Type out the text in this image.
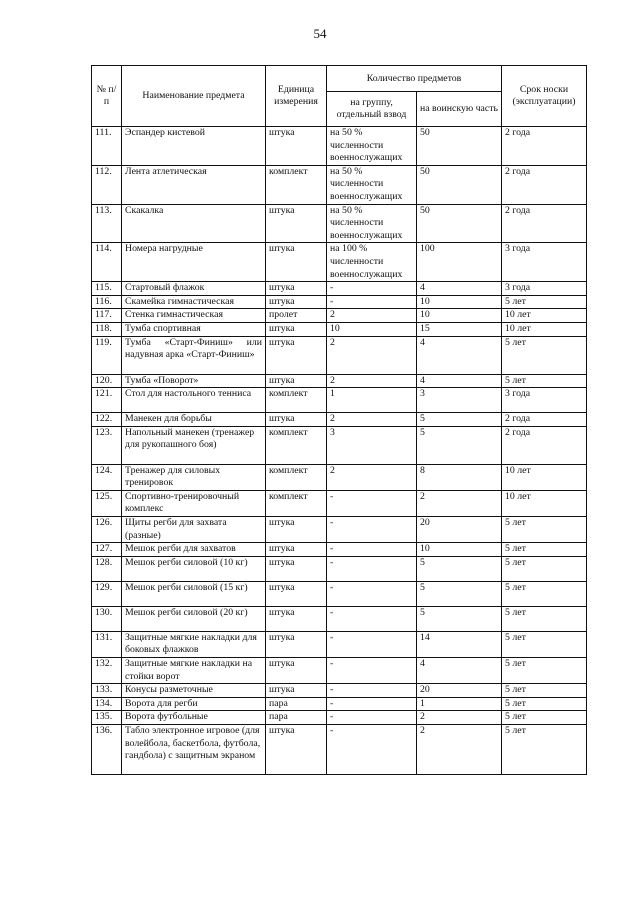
54
№ п/п	Наименование предмета	Единица измерения	Количество предметов		Срок носки (эксплуатации)
			на группу, отдельный взвод	на воинскую часть	
111.	Эспандер кистевой	штука	на 50 % численности военнослужащих	50	2 года
112.	Лента атлетическая	комплект	на 50 % численности военнослужащих	50	2 года
113.	Скакалка	штука	на 50 % численности военнослужащих	50	2 года
114.	Номера нагрудные	штука	на 100 % численности военнослужащих	100	3 года
115.	Стартовый флажок	штука	-	4	3 года
116.	Скамейка гимнастическая	штука	-	10	5 лет
117.	Стенка гимнастическая	пролет	2	10	10 лет
118.	Тумба спортивная	штука	10	15	10 лет
119.	Тумба «Старт-Финиш» или надувная арка «Старт-Финиш»	штука	2	4	5 лет
120.	Тумба «Поворот»	штука	2	4	5 лет
121.	Стол для настольного тенниса	комплект	1	3	3 года
122.	Манекен для борьбы	штука	2	5	2 года
123.	Напольный манекен (тренажер для рукопашного боя)	комплект	3	5	2 года
124.	Тренажер для силовых тренировок	комплект	2	8	10 лет
125.	Спортивно-тренировочный комплекс	комплект	-	2	10 лет
126.	Щиты регби для захвата (разные)	штука	-	20	5 лет
127.	Мешок регби для захватов	штука	-	10	5 лет
128.	Мешок регби силовой (10 кг)	штука	-	5	5 лет
129.	Мешок регби силовой (15 кг)	штука	-	5	5 лет
130.	Мешок регби силовой (20 кг)	штука	-	5	5 лет
131.	Защитные мягкие накладки для боковых флажков	штука	-	14	5 лет
132.	Защитные мягкие накладки на стойки ворот	штука	-	4	5 лет
133.	Конусы разметочные	штука	-	20	5 лет
134.	Ворота для регби	пара	-	1	5 лет
135.	Ворота футбольные	пара	-	2	5 лет
136.	Табло электронное игровое (для волейбола, баскетбола, футбола, гандбола) с защитным экраном	штука	-	2	5 лет
